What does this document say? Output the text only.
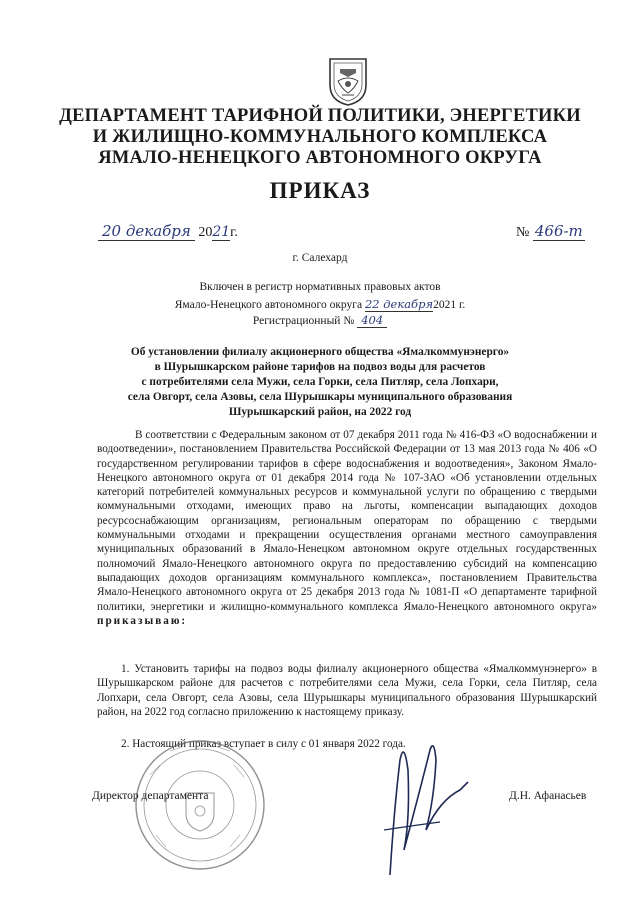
ДЕПАРТАМЕНТ ТАРИФНОЙ ПОЛИТИКИ, ЭНЕРГЕТИКИ
И ЖИЛИЩНО-КОММУНАЛЬНОГО КОМПЛЕКСА
ЯМАЛО-НЕНЕЦКОГО АВТОНОМНОГО ОКРУГА
ПРИКАЗ
20 декабря 2021г.	№ 466-т
г. Салехард
Включен в регистр нормативных правовых актов
Ямало-Ненецкого автономного округа 22 декабря2021 г.
Регистрационный № 404
Об установлении филиалу акционерного общества «Ямалкоммунэнерго»
в Шурышкарском районе тарифов на подвоз воды для расчетов
с потребителями села Мужи, села Горки, села Питляр, села Лопхари,
села Овгорт, села Азовы, села Шурышкары муниципального образования
Шурышкарский район, на 2022 год
В соответствии с Федеральным законом от 07 декабря 2011 года № 416-ФЗ «О водоснабжении и водоотведении», постановлением Правительства Российской Федерации от 13 мая 2013 года № 406 «О государственном регулировании тарифов в сфере водоснабжения и водоотведения», Законом Ямало-Ненецкого автономного округа от 01 декабря 2014 года № 107-ЗАО «Об установлении отдельных категорий потребителей коммунальных ресурсов и коммунальной услуги по обращению с твердыми коммунальными отходами, имеющих право на льготы, компенсации выпадающих доходов ресурсоснабжающим организациям, региональным операторам по обращению с твердыми коммунальными отходами и прекращении осуществления органами местного самоуправления муниципальных образований в Ямало-Ненецком автономном округе отдельных государственных полномочий Ямало-Ненецкого автономного округа по предоставлению субсидий на компенсацию выпадающих доходов организациям коммунального комплекса», постановлением Правительства Ямало-Ненецкого автономного округа от 25 декабря 2013 года № 1081-П «О департаменте тарифной политики, энергетики и жилищно-коммунального комплекса Ямало-Ненецкого автономного округа» приказываю:
1. Установить тарифы на подвоз воды филиалу акционерного общества «Ямалкоммунэнерго» в Шурышкарском районе для расчетов с потребителями села Мужи, села Горки, села Питляр, села Лопхари, села Овгорт, села Азовы, села Шурышкары муниципального образования Шурышкарский район, на 2022 год согласно приложению к настоящему приказу.
2. Настоящий приказ вступает в силу с 01 января 2022 года.
Директор департамента	Д.Н. Афанасьев
